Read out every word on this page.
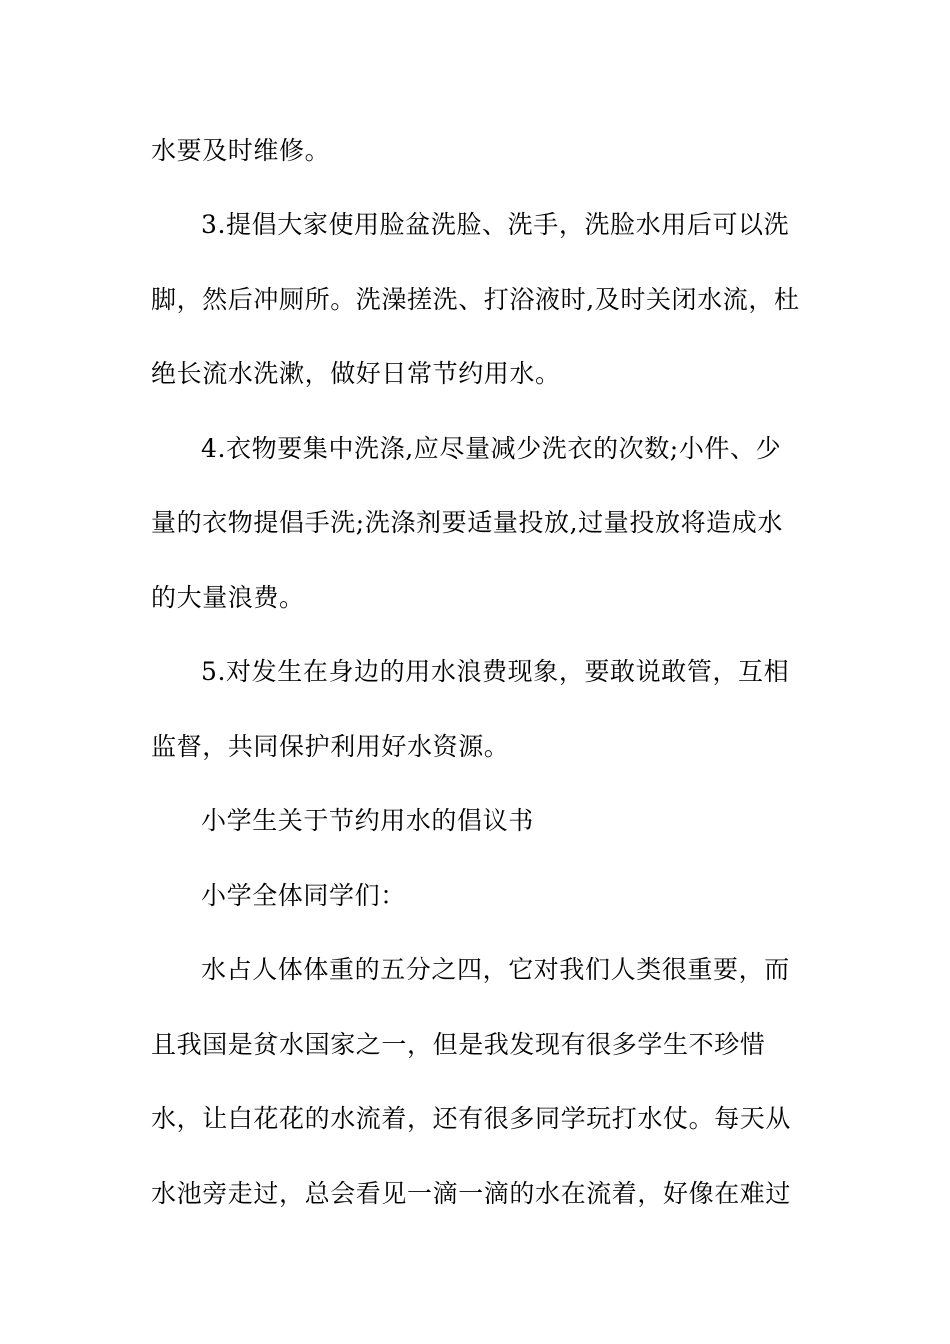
水要及时维修。
3.提倡大家使用脸盆洗脸、洗手，洗脸水用后可以洗
脚，然后冲厕所。洗澡搓洗、打浴液时,及时关闭水流，杜
绝长流水洗漱，做好日常节约用水。
4.衣物要集中洗涤,应尽量减少洗衣的次数;小件、少
量的衣物提倡手洗;洗涤剂要适量投放,过量投放将造成水
的大量浪费。
5.对发生在身边的用水浪费现象，要敢说敢管，互相
监督，共同保护利用好水资源。
小学生关于节约用水的倡议书
小学全体同学们：
水占人体体重的五分之四，它对我们人类很重要，而
且我国是贫水国家之一，但是我发现有很多学生不珍惜
水，让白花花的水流着，还有很多同学玩打水仗。每天从
水池旁走过，总会看见一滴一滴的水在流着，好像在难过
